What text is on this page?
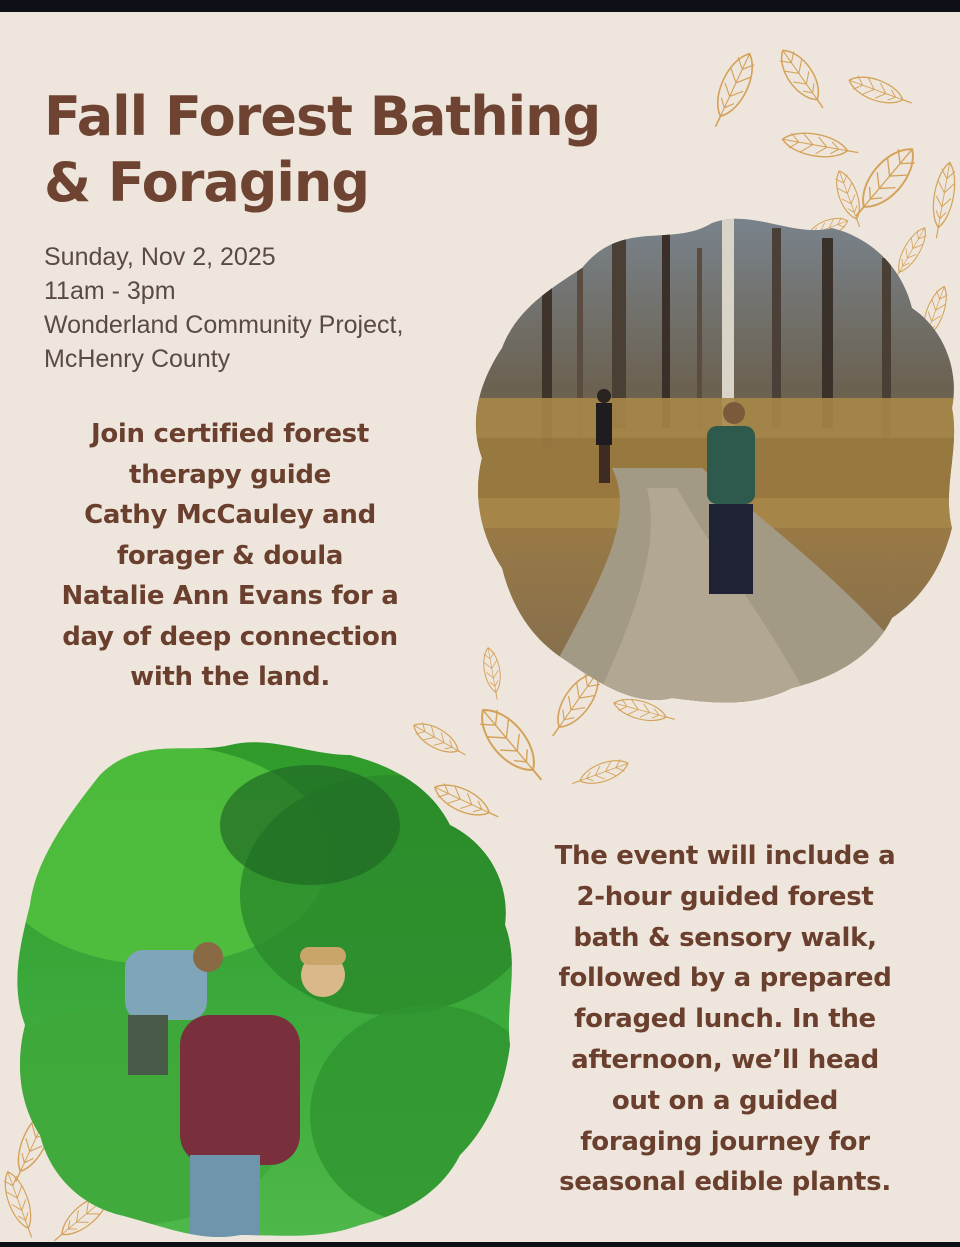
Fall Forest Bathing
& Foraging
Sunday, Nov 2, 2025
11am - 3pm
Wonderland Community Project,
McHenry County
Join certified forest
therapy guide
Cathy McCauley and
forager & doula
Natalie Ann Evans for a
day of deep connection
with the land.
The event will include a
2-hour guided forest
bath & sensory walk,
followed by a prepared
foraged lunch. In the
afternoon, we’ll head
out on a guided
foraging journey for
seasonal edible plants.
